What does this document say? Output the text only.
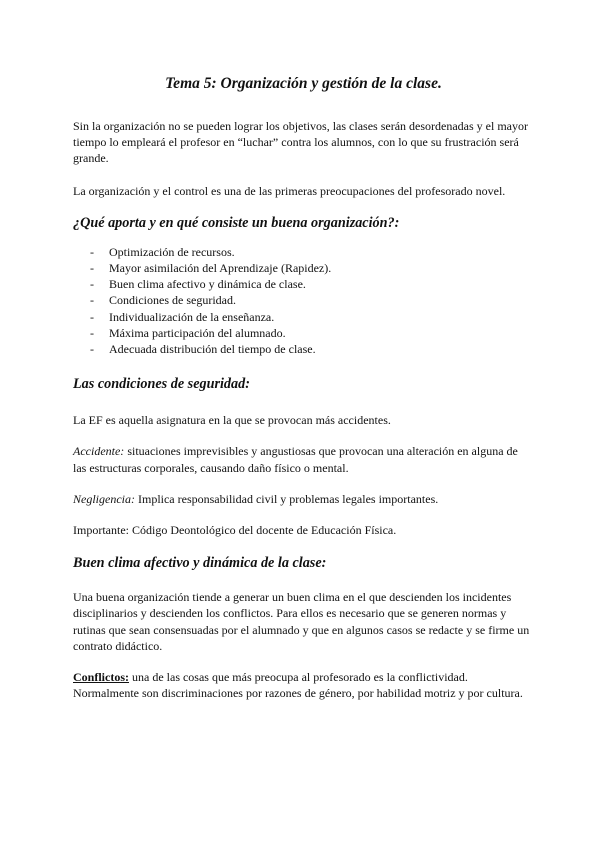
Tema 5: Organización y gestión de la clase.

Sin la organización no se pueden lograr los objetivos, las clases serán desordenadas y el mayor tiempo lo empleará el profesor en “luchar” contra los alumnos, con lo que su frustración será grande.

La organización y el control es una de las primeras preocupaciones del profesorado novel.

¿Qué aporta y en qué consiste un buena organización?:
-	Optimización de recursos.
-	Mayor asimilación del Aprendizaje (Rapidez).
-	Buen clima afectivo y dinámica de clase.
-	Condiciones de seguridad.
-	Individualización de la enseñanza.
-	Máxima participación del alumnado.
-	Adecuada distribución del tiempo de clase.
Las condiciones de seguridad:

La EF es aquella asignatura en la que se provocan más accidentes.

Accidente: situaciones imprevisibles y angustiosas que provocan una alteración en alguna de las estructuras corporales, causando daño físico o mental.

Negligencia: Implica responsabilidad civil y problemas legales importantes.

Importante: Código Deontológico del docente de Educación Física.

Buen clima afectivo y dinámica de la clase:

Una buena organización tiende a generar un buen clima en el que descienden los incidentes disciplinarios y descienden los conflictos. Para ellos es necesario que se generen normas y rutinas que sean consensuadas por el alumnado y que en algunos casos se redacte y se firme un contrato didáctico.

Conflictos: una de las cosas que más preocupa al profesorado es la conflictividad. Normalmente son discriminaciones por razones de género, por habilidad motriz y por cultura.
